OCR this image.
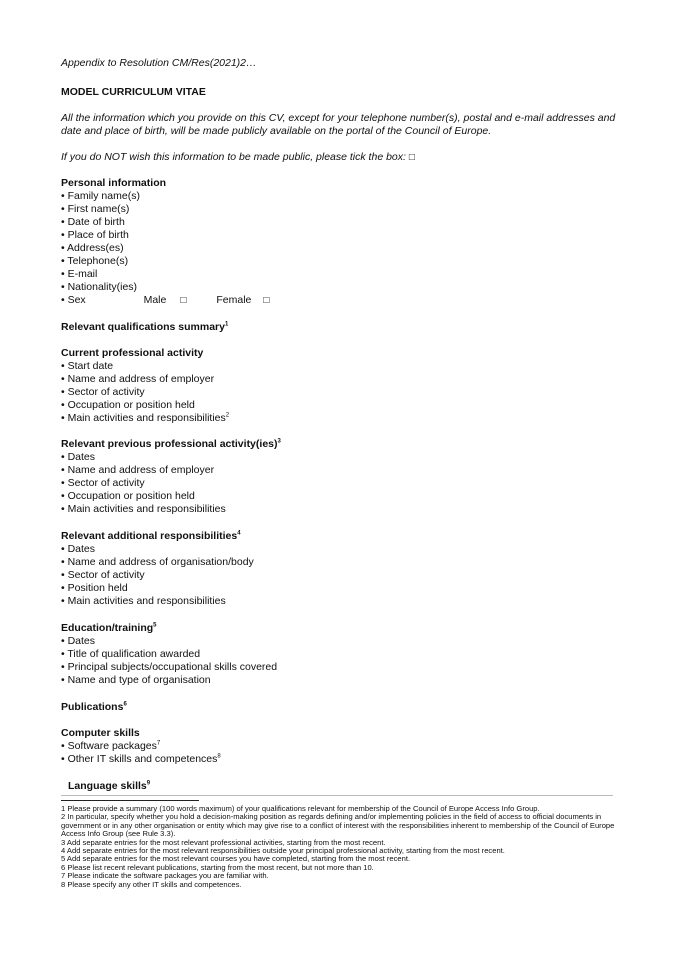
Appendix to Resolution CM/Res(2021)2…
MODEL CURRICULUM VITAE
All the information which you provide on this CV, except for your telephone number(s), postal and e-mail addresses and date and place of birth, will be made publicly available on the portal of the Council of Europe.
If you do NOT wish this information to be made public, please tick the box: □
Personal information
• Family name(s)
• First name(s)
• Date of birth
• Place of birth
• Address(es)
• Telephone(s)
• E-mail
• Nationality(ies)
• Sex	Male □	Female □
Relevant qualifications summary$^1$
Current professional activity
• Start date
• Name and address of employer
• Sector of activity
• Occupation or position held
• Main activities and responsibilities$^2$
Relevant previous professional activity(ies)$^3$
• Dates
• Name and address of employer
• Sector of activity
• Occupation or position held
• Main activities and responsibilities
Relevant additional responsibilities$^4$
• Dates
• Name and address of organisation/body
• Sector of activity
• Position held
• Main activities and responsibilities
Education/training$^5$
• Dates
• Title of qualification awarded
• Principal subjects/occupational skills covered
• Name and type of organisation
Publications$^6$
Computer skills
• Software packages$^7$
• Other IT skills and competences$^8$
Language skills$^9$

1 Please provide a summary (100 words maximum) of your qualifications relevant for membership of the Council of Europe Access Info Group.

2 In particular, specify whether you hold a decision-making position as regards defining and/or implementing policies in the field of access to official documents in government or in any other organisation or entity which may give rise to a conflict of interest with the responsibilities inherent to membership of the Council of Europe Access Info Group (see Rule 3.3).

3 Add separate entries for the most relevant professional activities, starting from the most recent.

4 Add separate entries for the most relevant responsibilities outside your principal professional activity, starting from the most recent.

5 Add separate entries for the most relevant courses you have completed, starting from the most recent.

6 Please list recent relevant publications, starting from the most recent, but not more than 10.

7 Please indicate the software packages you are familiar with.

8 Please specify any other IT skills and competences.
